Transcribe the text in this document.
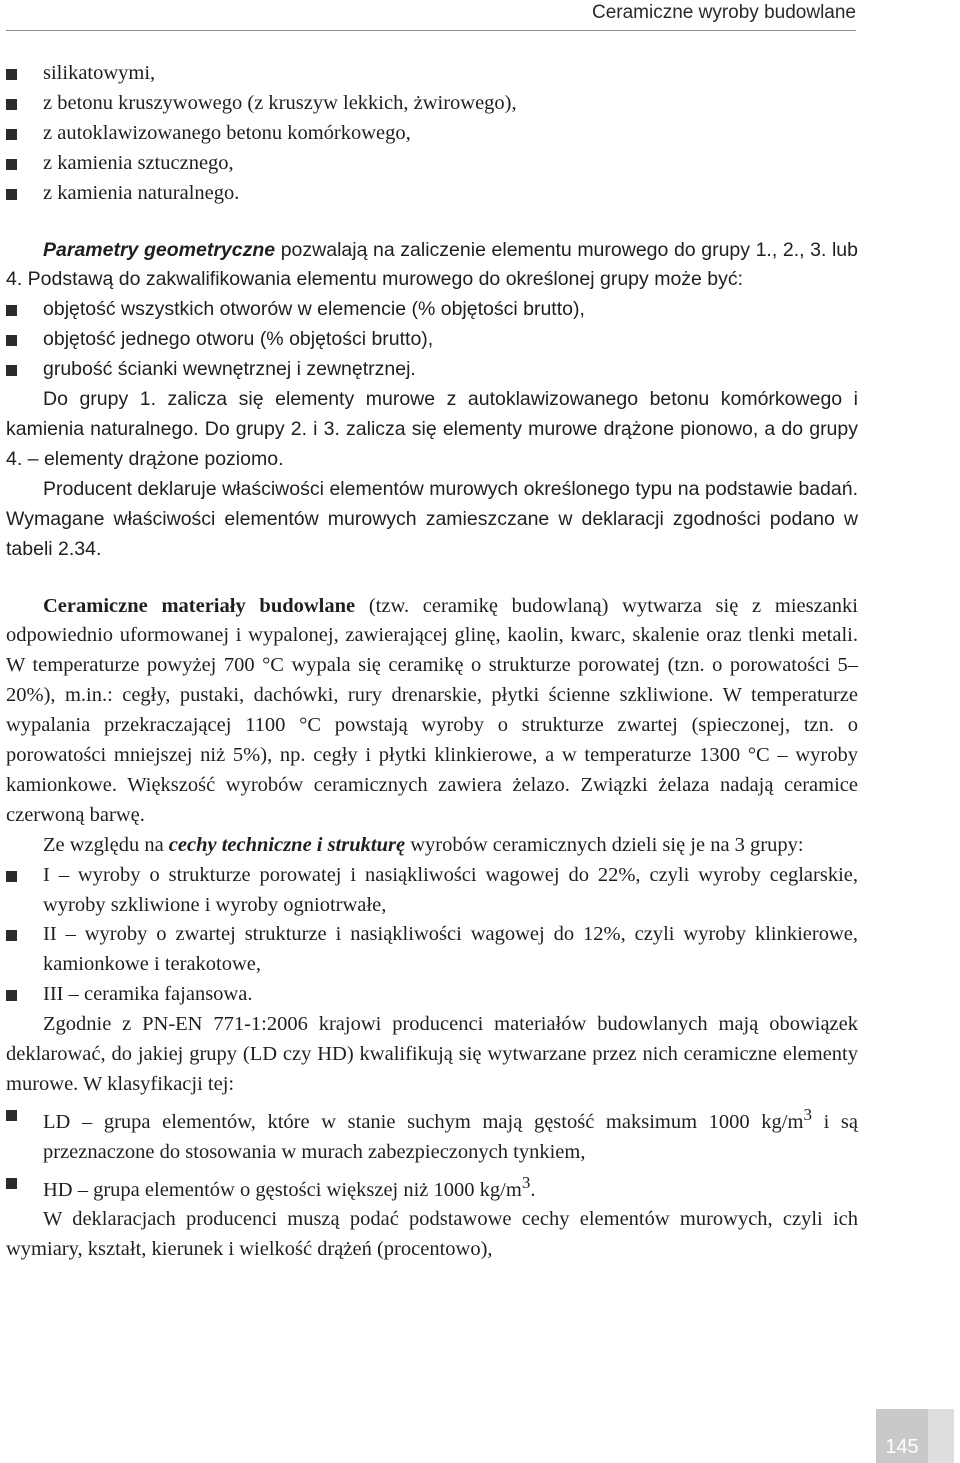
Ceramiczne wyroby budowlane
silikatowymi,
z betonu kruszywowego (z kruszyw lekkich, żwirowego),
z autoklawizowanego betonu komórkowego,
z kamienia sztucznego,
z kamienia naturalnego.

Parametry geometryczne pozwalają na zaliczenie elementu murowego do grupy 1., 2., 3. lub 4. Podstawą do zakwalifikowania elementu murowego do określonej grupy może być:

objętość wszystkich otworów w elemencie (% objętości brutto),
objętość jednego otworu (% objętości brutto),
grubość ścianki wewnętrznej i zewnętrznej.

Do grupy 1. zalicza się elementy murowe z autoklawizowanego betonu komórkowego i kamienia naturalnego. Do grupy 2. i 3. zalicza się elementy murowe drążone pionowo, a do grupy 4. – elementy drążone poziomo.

Producent deklaruje właściwości elementów murowych określonego typu na podstawie badań. Wymagane właściwości elementów murowych zamieszczane w deklaracji zgodności podano w tabeli 2.34.

Ceramiczne materiały budowlane (tzw. ceramikę budowlaną) wytwarza się z mieszanki odpowiednio uformowanej i wypalonej, zawierającej glinę, kaolin, kwarc, skalenie oraz tlenki metali. W temperaturze powyżej 700 °C wypala się ceramikę o strukturze porowatej (tzn. o porowatości 5–20%), m.in.: cegły, pustaki, dachówki, rury drenarskie, płytki ścienne szkliwione. W temperaturze wypalania przekraczającej 1100 °C powstają wyroby o strukturze zwartej (spieczonej, tzn. o porowatości mniejszej niż 5%), np. cegły i płytki klinkierowe, a w temperaturze 1300 °C – wyroby kamionkowe. Większość wyrobów ceramicznych zawiera żelazo. Związki żelaza nadają ceramice czerwoną barwę.

Ze względu na cechy techniczne i strukturę wyrobów ceramicznych dzieli się je na 3 grupy:

I – wyroby o strukturze porowatej i nasiąkliwości wagowej do 22%, czyli wyroby ceglarskie, wyroby szkliwione i wyroby ogniotrwałe,
II – wyroby o zwartej strukturze i nasiąkliwości wagowej do 12%, czyli wyroby klinkierowe, kamionkowe i terakotowe,
III – ceramika fajansowa.

Zgodnie z PN-EN 771-1:2006 krajowi producenci materiałów budowlanych mają obowiązek deklarować, do jakiej grupy (LD czy HD) kwalifikują się wytwarzane przez nich ceramiczne elementy murowe. W klasyfikacji tej:

LD – grupa elementów, które w stanie suchym mają gęstość maksimum 1000 $kg/m^3$ i są przeznaczone do stosowania w murach zabezpieczonych tynkiem,
HD – grupa elementów o gęstości większej niż 1000 $kg/m^3$.

W deklaracjach producenci muszą podać podstawowe cechy elementów murowych, czyli ich wymiary, kształt, kierunek i wielkość drążeń (procentowo),

145
